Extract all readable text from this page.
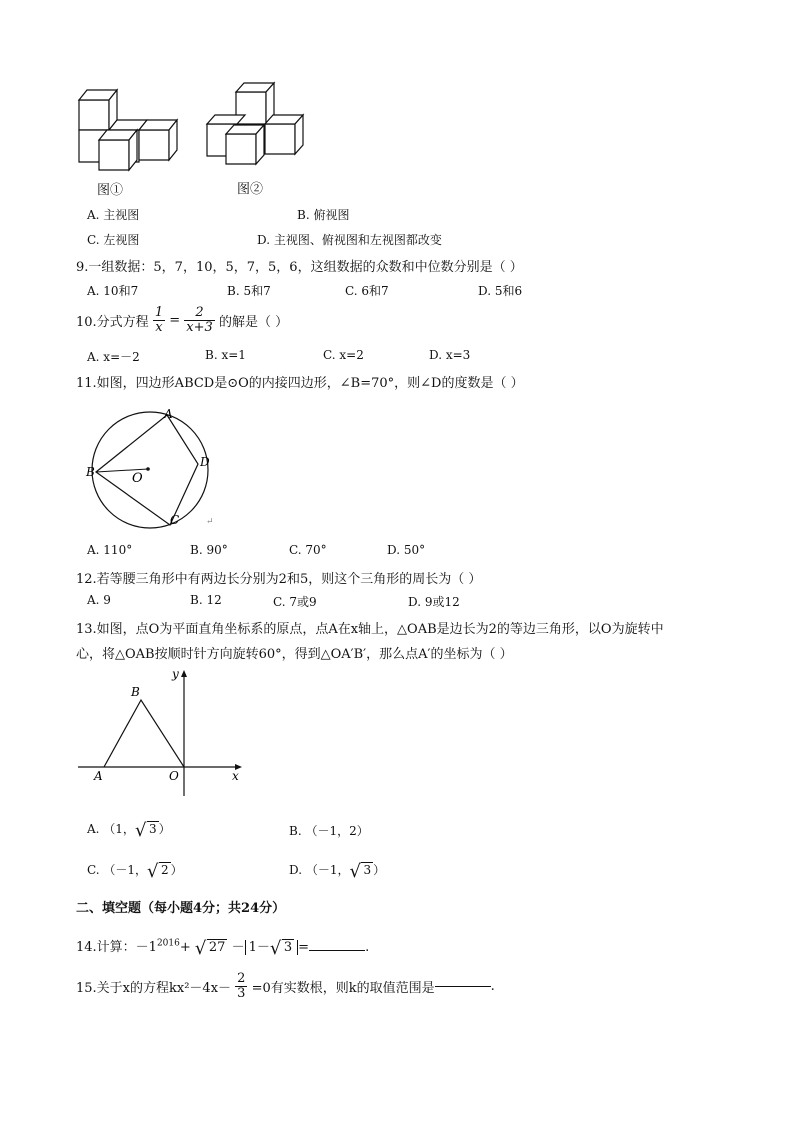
图①	图②
A. 主视图	B. 俯视图
C. 左视图	D. 主视图、俯视图和左视图都改变
9.一组数据：5，7，10，5，7，5，6，这组数据的众数和中位数分别是（ ）
A. 10和7	B. 5和7	C. 6和7	D. 5和6
10.分式方程 $\frac{1}{x} = \frac{2}{x+3}$ 的解是（ ）
A. x=－2	B. x=1	C. x=2	D. x=3
11.如图，四边形ABCD是⊙O的内接四边形，∠B=70°，则∠D的度数是（ ）
A
B
C
D
O
↵
A. 110°	B. 90°	C. 70°	D. 50°
12.若等腰三角形中有两边长分别为2和5，则这个三角形的周长为（ ）
A. 9	B. 12	C. 7或9	D. 9或12
13.如图，点O为平面直角坐标系的原点，点A在x轴上，△OAB是边长为2的等边三角形，以O为旋转中
心，将△OAB按顺时针方向旋转60°，得到△OA′B′，那么点A′的坐标为（ ）
B
A	O	x
y
A. （1， √ 3 ）	B. （－1，2）
C. （－1， √ 2 ）	D. （－1， √ 3 ）
二、填空题（每小题4分；共24分）
14.计算：$-1^{2016}+$ √ 27 － 1－ √ 3 =	.
15.关于x的方程$kx^2-4x- \frac{2}{3} =0$有实数根，则k的取值范围是	.
